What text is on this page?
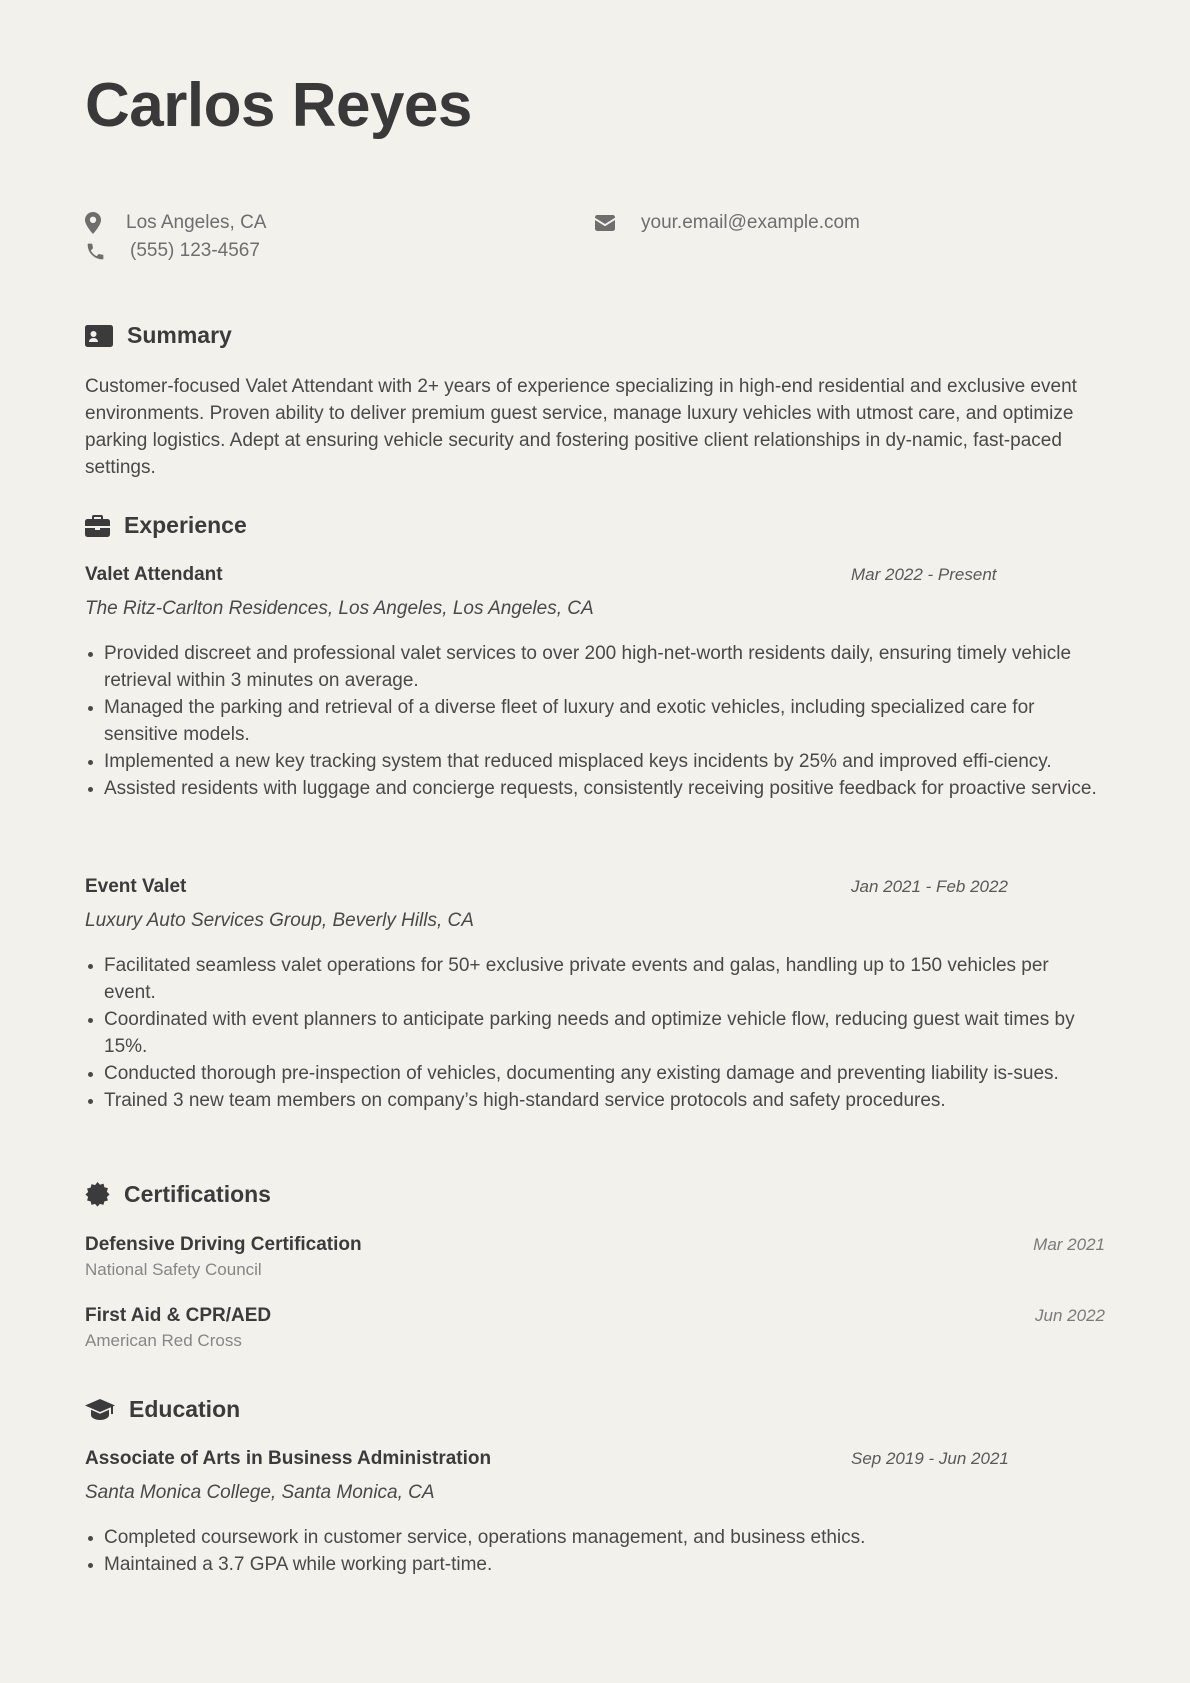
Carlos Reyes
Los Angeles, CA
(555) 123-4567
your.email@example.com
Summary

Customer-focused Valet Attendant with 2+ years of experience specializing in high-end residential and exclusive event environments. Proven ability to deliver premium guest service, manage luxury vehicles with utmost care, and optimize parking logistics. Adept at ensuring vehicle security and fostering positive client relationships in dy-namic, fast-paced settings.

Experience
Valet Attendant	Mar 2022 - Present
The Ritz-Carlton Residences, Los Angeles, Los Angeles, CA
Provided discreet and professional valet services to over 200 high-net-worth residents daily, ensuring timely vehicle retrieval within 3 minutes on average.
Managed the parking and retrieval of a diverse fleet of luxury and exotic vehicles, including specialized care for sensitive models.
Implemented a new key tracking system that reduced misplaced keys incidents by 25% and improved effi-ciency.
Assisted residents with luggage and concierge requests, consistently receiving positive feedback for proactive service.
Event Valet	Jan 2021 - Feb 2022
Luxury Auto Services Group, Beverly Hills, CA
Facilitated seamless valet operations for 50+ exclusive private events and galas, handling up to 150 vehicles per event.
Coordinated with event planners to anticipate parking needs and optimize vehicle flow, reducing guest wait times by 15%.
Conducted thorough pre-inspection of vehicles, documenting any existing damage and preventing liability is-sues.
Trained 3 new team members on company’s high-standard service protocols and safety procedures.
Certifications
Defensive Driving Certification
National Safety Council
Mar 2021
First Aid & CPR/AED
American Red Cross
Jun 2022
Education
Associate of Arts in Business Administration	Sep 2019 - Jun 2021
Santa Monica College, Santa Monica, CA
Completed coursework in customer service, operations management, and business ethics.
Maintained a 3.7 GPA while working part-time.
